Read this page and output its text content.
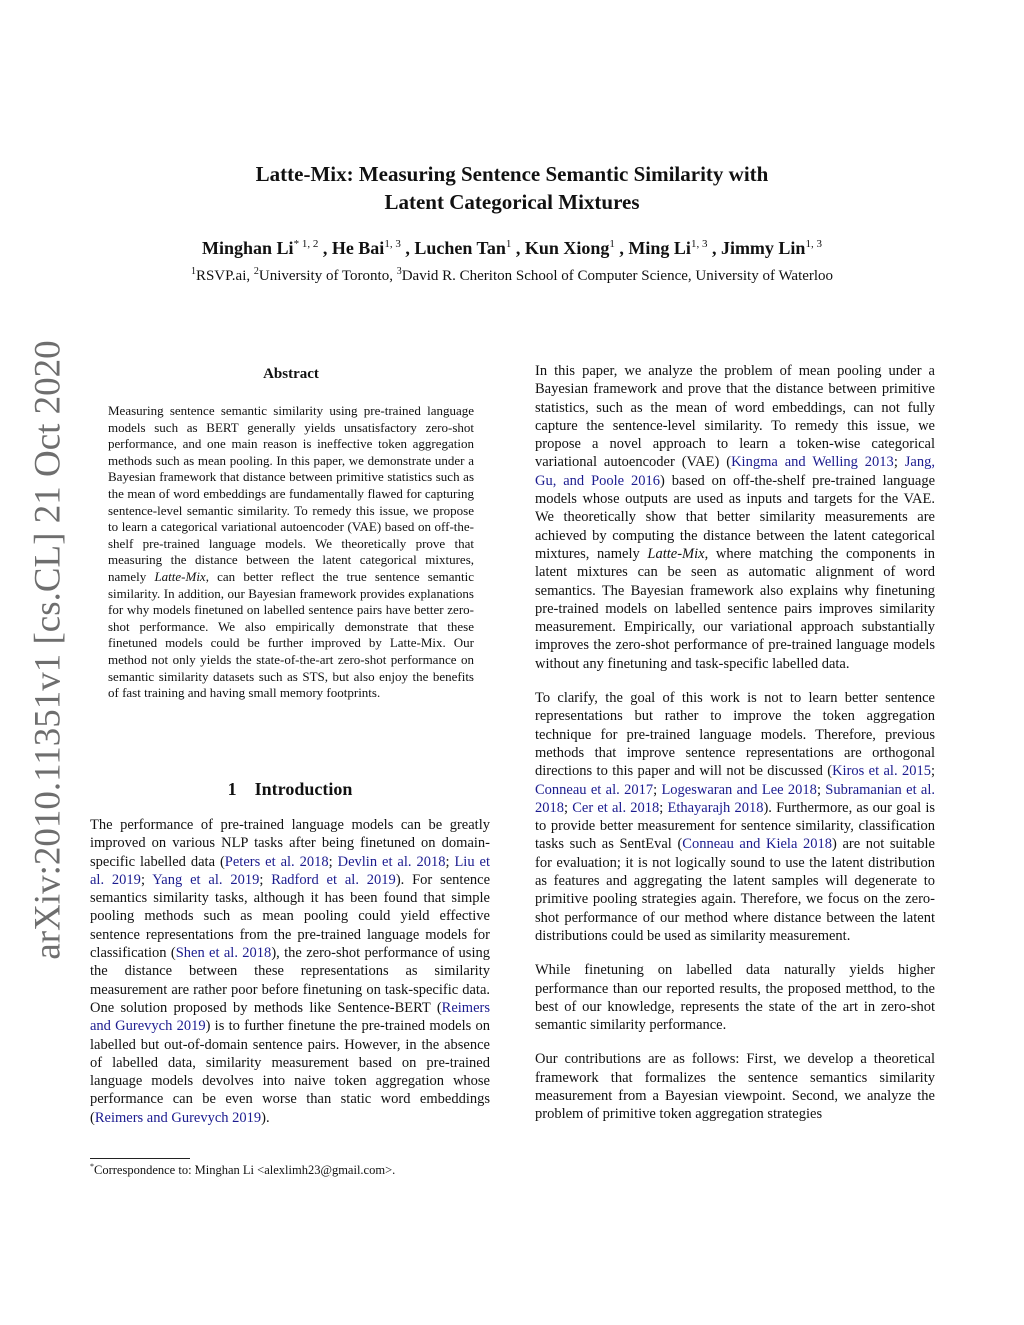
Latte-Mix: Measuring Sentence Semantic Similarity with
Latent Categorical Mixtures
Minghan Li$^{* 1, 2}$ , He Bai$^{1, 3}$ , Luchen Tan$^1$ , Kun Xiong$^1$ , Ming Li$^{1, 3}$ , Jimmy Lin$^{1, 3}$
$^1$RSVP.ai, $^2$University of Toronto, $^3$David R. Cheriton School of Computer Science, University of Waterloo
arXiv:2010.11351v1 [cs.CL] 21 Oct 2020	Abstract
Measuring sentence semantic similarity using pre-trained language models such as BERT generally yields unsatisfactory zero-shot performance, and one main reason is ineffective token aggregation methods such as mean pooling. In this paper, we demonstrate under a Bayesian framework that distance between primitive statistics such as the mean of word embeddings are fundamentally flawed for capturing sentence-level semantic similarity. To remedy this issue, we propose to learn a categorical variational autoencoder (VAE) based on off-the-shelf pre-trained language models. We theoretically prove that measuring the distance between the latent categorical mixtures, namely Latte-Mix, can better reflect the true sentence semantic similarity. In addition, our Bayesian framework provides explanations for why models finetuned on labelled sentence pairs have better zero-shot performance. We also empirically demonstrate that these finetuned models could be further improved by Latte-Mix. Our method not only yields the state-of-the-art zero-shot performance on semantic similarity datasets such as STS, but also enjoy the benefits of fast training and having small memory footprints.
1 Introduction
The performance of pre-trained language models can be greatly improved on various NLP tasks after being finetuned on domain-specific labelled data (Peters et al. 2018; Devlin et al. 2018; Liu et al. 2019; Yang et al. 2019; Radford et al. 2019). For sentence semantics similarity tasks, although it has been found that simple pooling methods such as mean pooling could yield effective sentence representations from the pre-trained language models for classification (Shen et al. 2018), the zero-shot performance of using the distance between these representations as similarity measurement are rather poor before finetuning on task-specific data. One solution proposed by methods like Sentence-BERT (Reimers and Gurevych 2019) is to further finetune the pre-trained models on labelled but out-of-domain sentence pairs. However, in the absence of labelled data, similarity measurement based on pre-trained language models devolves into naive token aggregation whose performance can be even worse than static word embeddings (Reimers and Gurevych 2019).
*Correspondence to: Minghan Li <alexlimh23@gmail.com>.

In this paper, we analyze the problem of mean pooling under a Bayesian framework and prove that the distance between primitive statistics, such as the mean of word embeddings, can not fully capture the sentence-level similarity. To remedy this issue, we propose a novel approach to learn a token-wise categorical variational autoencoder (VAE) (Kingma and Welling 2013; Jang, Gu, and Poole 2016) based on off-the-shelf pre-trained language models whose outputs are used as inputs and targets for the VAE. We theoretically show that better similarity measurements are achieved by computing the distance between the latent categorical mixtures, namely Latte-Mix, where matching the components in latent mixtures can be seen as automatic alignment of word semantics. The Bayesian framework also explains why finetuning pre-trained models on labelled sentence pairs improves similarity measurement. Empirically, our variational approach substantially improves the zero-shot performance of pre-trained language models without any finetuning and task-specific labelled data.

To clarify, the goal of this work is not to learn better sentence representations but rather to improve the token aggregation technique for pre-trained language models. Therefore, previous methods that improve sentence representations are orthogonal directions to this paper and will not be discussed (Kiros et al. 2015; Conneau et al. 2017; Logeswaran and Lee 2018; Subramanian et al. 2018; Cer et al. 2018; Ethayarajh 2018). Furthermore, as our goal is to provide better measurement for sentence similarity, classification tasks such as SentEval (Conneau and Kiela 2018) are not suitable for evaluation; it is not logically sound to use the latent distribution as features and aggregating the latent samples will degenerate to primitive pooling strategies again. Therefore, we focus on the zero-shot performance of our method where distance between the latent distributions could be used as similarity measurement.

While finetuning on labelled data naturally yields higher performance than our reported results, the proposed metthod, to the best of our knowledge, represents the state of the art in zero-shot semantic similarity performance.

Our contributions are as follows: First, we develop a theoretical framework that formalizes the sentence semantics similarity measurement from a Bayesian viewpoint. Second, we analyze the problem of primitive token aggregation strategies
